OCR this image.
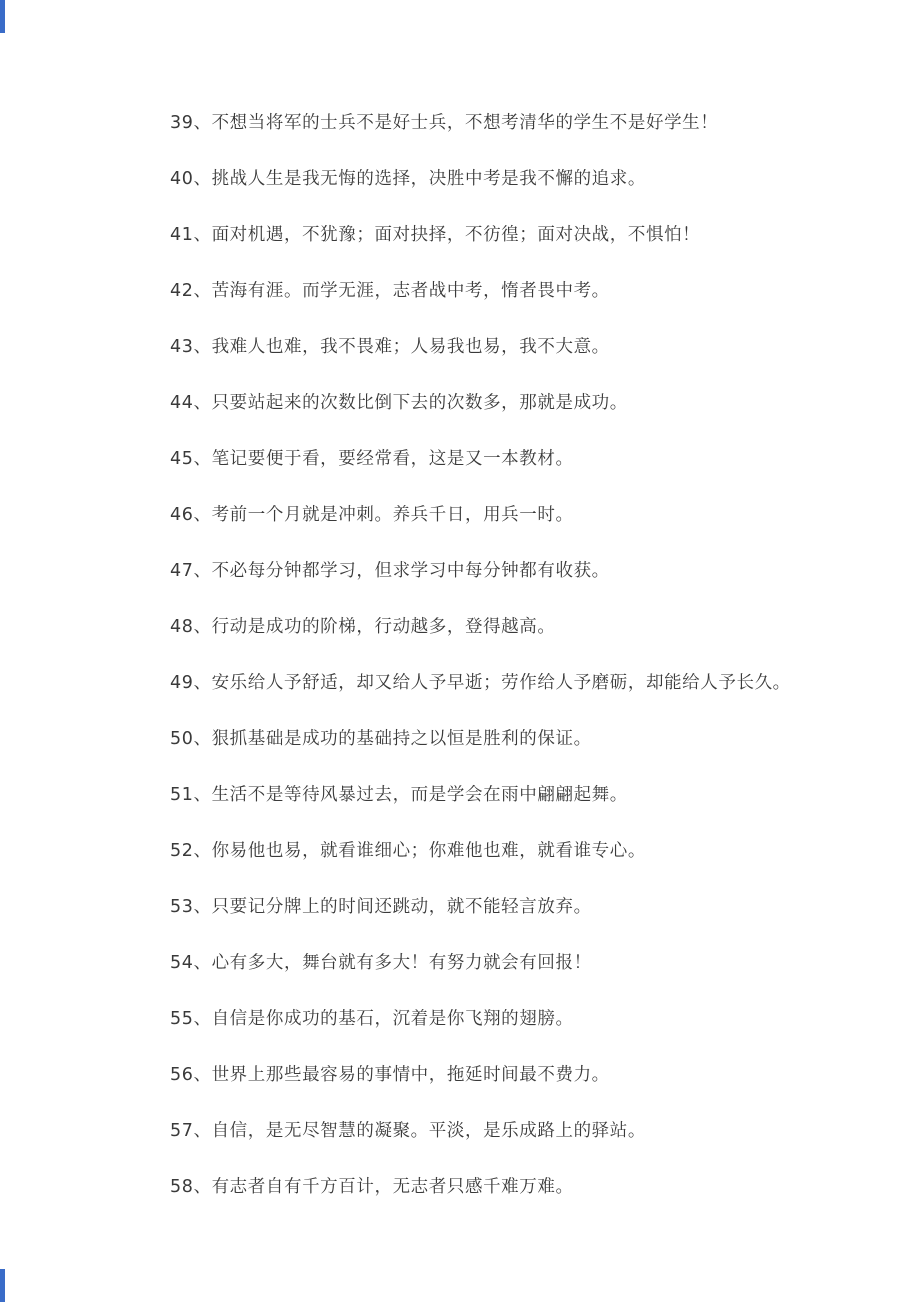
39、不想当将军的士兵不是好士兵，不想考清华的学生不是好学生！

40、挑战人生是我无悔的选择，决胜中考是我不懈的追求。

41、面对机遇，不犹豫；面对抉择，不彷徨；面对决战，不惧怕！

42、苦海有涯。而学无涯，志者战中考，惰者畏中考。

43、我难人也难，我不畏难；人易我也易，我不大意。

44、只要站起来的次数比倒下去的次数多，那就是成功。

45、笔记要便于看，要经常看，这是又一本教材。

46、考前一个月就是冲刺。养兵千日，用兵一时。

47、不必每分钟都学习，但求学习中每分钟都有收获。

48、行动是成功的阶梯，行动越多，登得越高。

49、安乐给人予舒适，却又给人予早逝；劳作给人予磨砺，却能给人予长久。

50、狠抓基础是成功的基础持之以恒是胜利的保证。

51、生活不是等待风暴过去，而是学会在雨中翩翩起舞。

52、你易他也易，就看谁细心；你难他也难，就看谁专心。

53、只要记分牌上的时间还跳动，就不能轻言放弃。

54、心有多大，舞台就有多大！有努力就会有回报！

55、自信是你成功的基石，沉着是你飞翔的翅膀。

56、世界上那些最容易的事情中，拖延时间最不费力。

57、自信，是无尽智慧的凝聚。平淡，是乐成路上的驿站。

58、有志者自有千方百计，无志者只感千难万难。
